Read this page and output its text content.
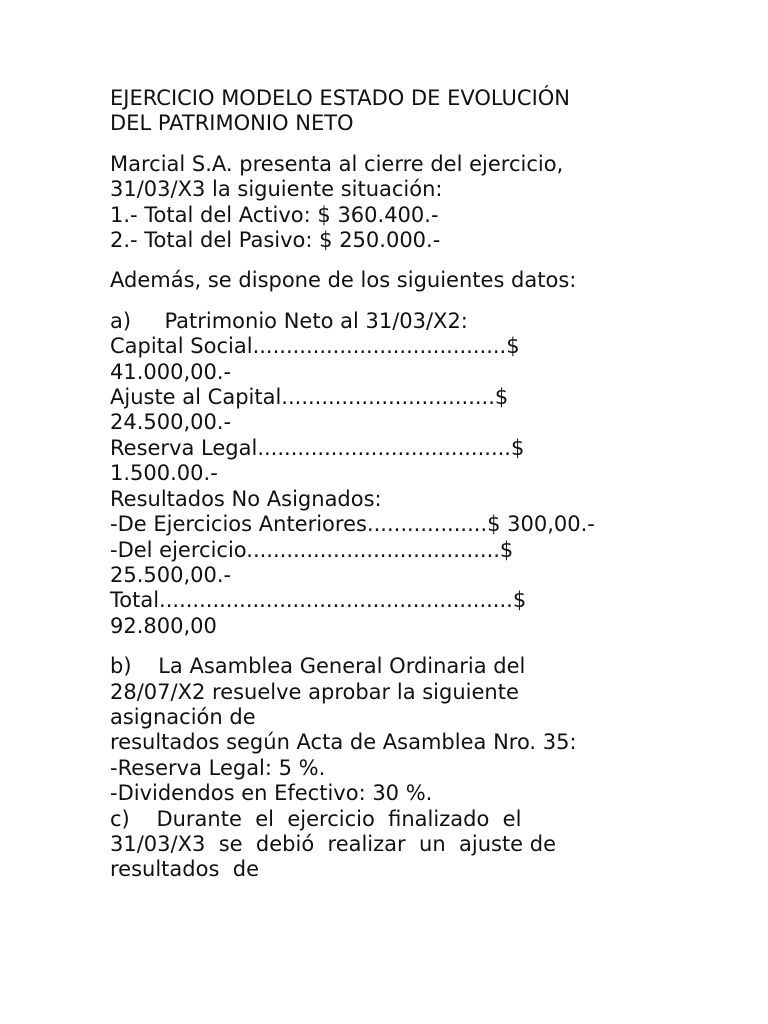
EJERCICIO MODELO ESTADO DE EVOLUCIÓN
DEL PATRIMONIO NETO
Marcial S.A. presenta al cierre del ejercicio,
31/03/X3 la siguiente situación:
1.- Total del Activo: $ 360.400.-
2.- Total del Pasivo: $ 250.000.-
Además, se dispone de los siguientes datos:
a)     Patrimonio Neto al 31/03/X2:
Capital Social......................................$
41.000,00.-
Ajuste al Capital................................$
24.500,00.-
Reserva Legal......................................$
1.500.00.-
Resultados No Asignados:
-De Ejercicios Anteriores..................$ 300,00.-
-Del ejercicio......................................$
25.500,00.-
Total.....................................................$
92.800,00
b)    La Asamblea General Ordinaria del
28/07/X2 resuelve aprobar la siguiente
asignación de
resultados según Acta de Asamblea Nro. 35:
-Reserva Legal: 5 %.
-Dividendos en Efectivo: 30 %.
c)    Durante  el  ejercicio  finalizado  el
31/03/X3  se  debió  realizar  un  ajuste de
resultados  de
